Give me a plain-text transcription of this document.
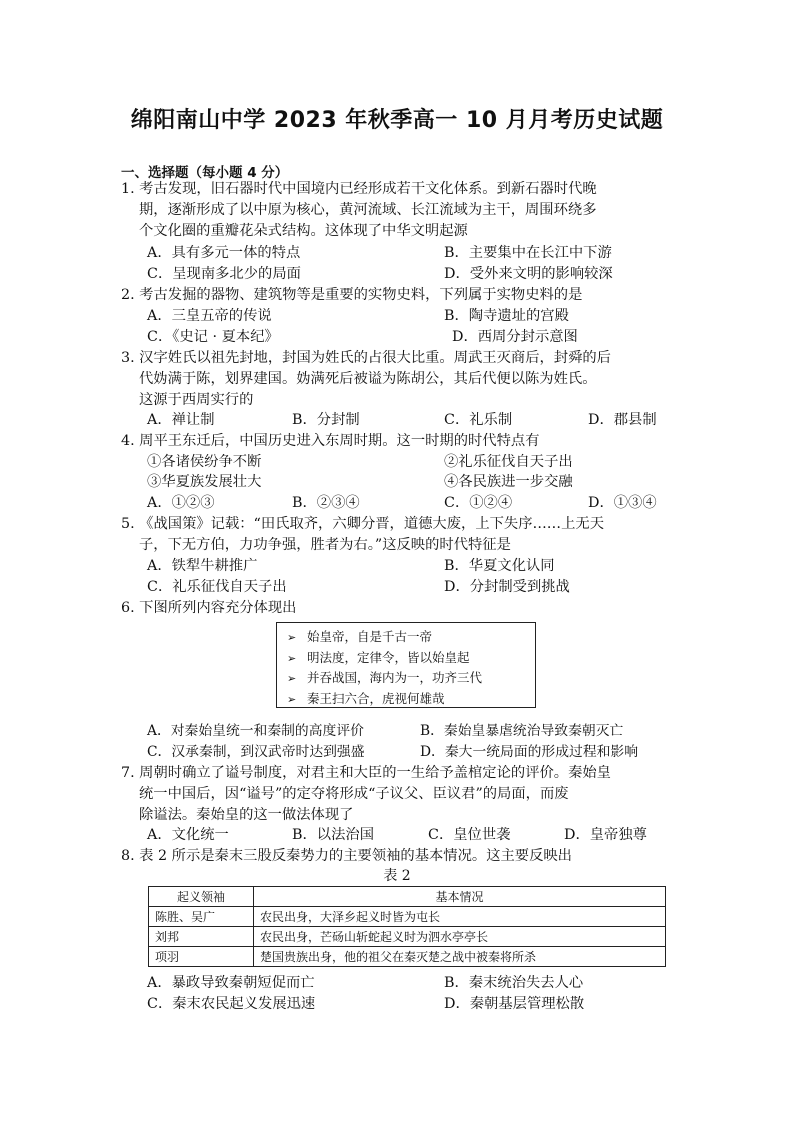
绵阳南山中学 2023 年秋季高一 10 月月考历史试题
一、选择题（每小题 4 分）
1. 考古发现，旧石器时代中国境内已经形成若干文化体系。到新石器时代晚
期，逐渐形成了以中原为核心，黄河流域、长江流域为主干，周围环绕多
个文化圈的重瓣花朵式结构。这体现了中华文明起源
A．具有多元一体的特点	B．主要集中在长江中下游
C．呈现南多北少的局面	D．受外来文明的影响较深
2. 考古发掘的器物、建筑物等是重要的实物史料，下列属于实物史料的是
A．三皇五帝的传说	B．陶寺遗址的宫殿
C．《史记 · 夏本纪》	D．西周分封示意图
3. 汉字姓氏以祖先封地，封国为姓氏的占很大比重。周武王灭商后，封舜的后
代妫满于陈，划界建国。妫满死后被谥为陈胡公，其后代便以陈为姓氏。
这源于西周实行的
A．禅让制	B．分封制	C．礼乐制	D．郡县制
4. 周平王东迁后，中国历史进入东周时期。这一时期的时代特点有
①各诸侯纷争不断	②礼乐征伐自天子出
③华夏族发展壮大	④各民族进一步交融
A．①②③	B．②③④	C．①②④	D．①③④
5. 《战国策》记载：“田氏取齐，六卿分晋，道德大废，上下失序……上无天
子，下无方伯，力功争强，胜者为右。”这反映的时代特征是
A．铁犁牛耕推广	B．华夏文化认同
C．礼乐征伐自天子出	D．分封制受到挑战
6. 下图所列内容充分体现出
➢ 始皇帝，自是千古一帝
➢ 明法度，定律令，皆以始皇起
➢ 并吞战国，海内为一，功齐三代
➢ 秦王扫六合，虎视何雄哉
A．对秦始皇统一和秦制的高度评价	B．秦始皇暴虐统治导致秦朝灭亡
C．汉承秦制，到汉武帝时达到强盛	D．秦大一统局面的形成过程和影响
7. 周朝时确立了谥号制度，对君主和大臣的一生给予盖棺定论的评价。秦始皇
统一中国后，因“谥号”的定夺将形成“子议父、臣议君”的局面，而废
除谥法。秦始皇的这一做法体现了
A．文化统一	B．以法治国	C．皇位世袭	D．皇帝独尊
8. 表 2 所示是秦末三股反秦势力的主要领袖的基本情况。这主要反映出
表 2
起义领袖	基本情况
陈胜、吴广	农民出身，大泽乡起义时皆为屯长
刘邦	农民出身，芒砀山斩蛇起义时为泗水亭亭长
项羽	楚国贵族出身，他的祖父在秦灭楚之战中被秦将所杀
A．暴政导致秦朝短促而亡	B．秦末统治失去人心
C．秦末农民起义发展迅速	D．秦朝基层管理松散
